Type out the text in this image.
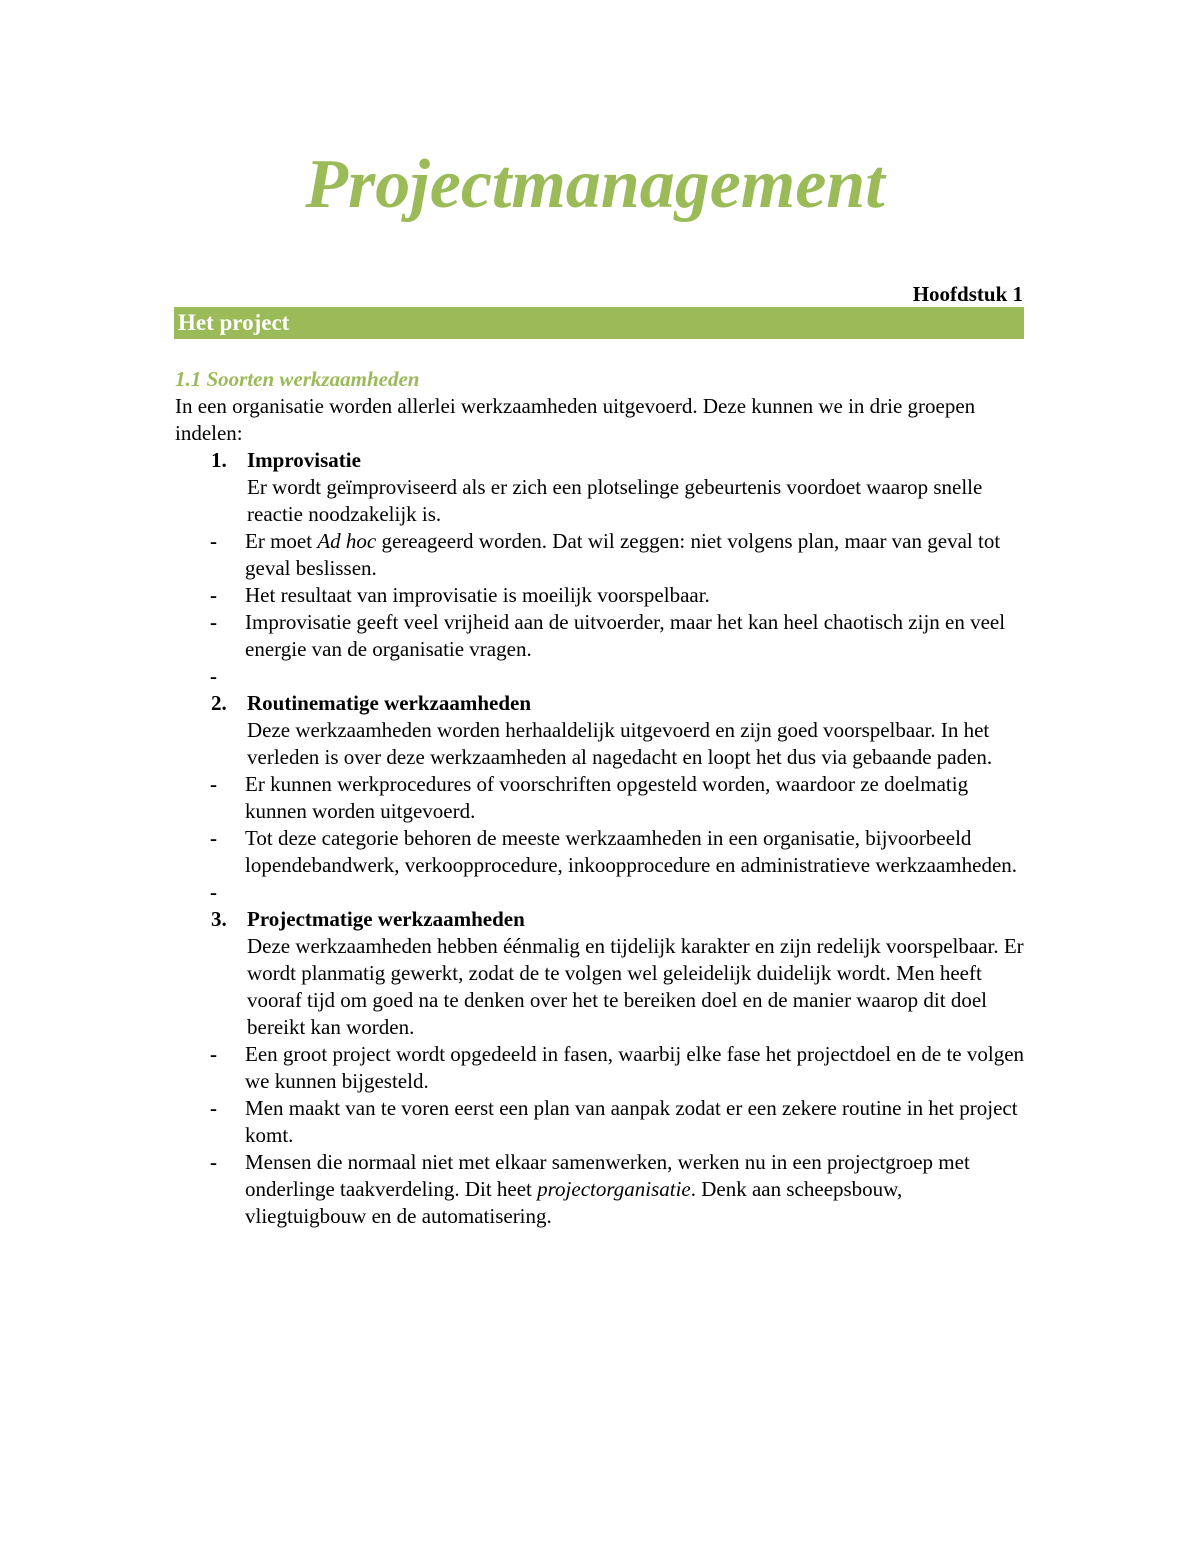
Projectmanagement
Hoofdstuk 1
Het project
1.1 Soorten werkzaamheden

In een organisatie worden allerlei werkzaamheden uitgevoerd. Deze kunnen we in drie groepen indelen:

1. Improvisatie

Er wordt geïmproviseerd als er zich een plotselinge gebeurtenis voordoet waarop snelle reactie noodzakelijk is.

- Er moet Ad hoc gereageerd worden. Dat wil zeggen: niet volgens plan, maar van geval tot geval beslissen.
- Het resultaat van improvisatie is moeilijk voorspelbaar.
- Improvisatie geeft veel vrijheid aan de uitvoerder, maar het kan heel chaotisch zijn en veel energie van de organisatie vragen.
-
2. Routinematige werkzaamheden

Deze werkzaamheden worden herhaaldelijk uitgevoerd en zijn goed voorspelbaar. In het verleden is over deze werkzaamheden al nagedacht en loopt het dus via gebaande paden.

- Er kunnen werkprocedures of voorschriften opgesteld worden, waardoor ze doelmatig kunnen worden uitgevoerd.
- Tot deze categorie behoren de meeste werkzaamheden in een organisatie, bijvoorbeeld lopendebandwerk, verkoopprocedure, inkoopprocedure en administratieve werkzaamheden.
-
3. Projectmatige werkzaamheden

Deze werkzaamheden hebben éénmalig en tijdelijk karakter en zijn redelijk voorspelbaar. Er wordt planmatig gewerkt, zodat de te volgen wel geleidelijk duidelijk wordt. Men heeft vooraf tijd om goed na te denken over het te bereiken doel en de manier waarop dit doel bereikt kan worden.

- Een groot project wordt opgedeeld in fasen, waarbij elke fase het projectdoel en de te volgen we kunnen bijgesteld.
- Men maakt van te voren eerst een plan van aanpak zodat er een zekere routine in het project komt.
- Mensen die normaal niet met elkaar samenwerken, werken nu in een projectgroep met onderlinge taakverdeling. Dit heet projectorganisatie. Denk aan scheepsbouw, vliegtuigbouw en de automatisering.
